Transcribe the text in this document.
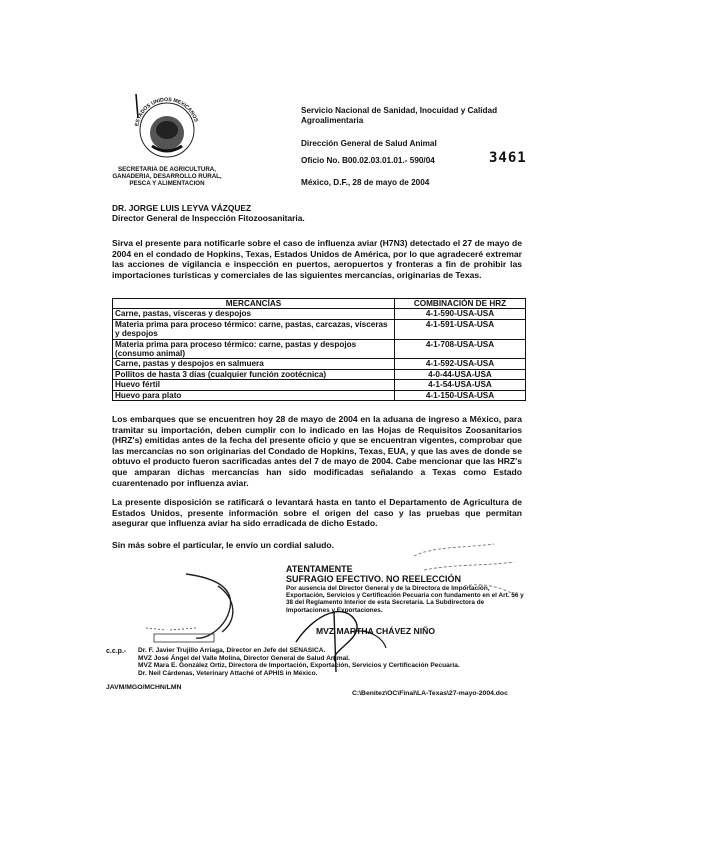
ESTADOS UNIDOS MEXICANOS
SECRETARIA DE AGRICULTURA, GANADERIA, DESARROLLO RURAL, PESCA Y ALIMENTACION
Servicio Nacional de Sanidad, Inocuidad y Calidad Agroalimentaria
Dirección General de Salud Animal
Oficio No. B00.02.03.01.01.- 590/04	3461
México, D.F., 28 de mayo de 2004
DR. JORGE LUIS LEYVA VÁZQUEZ
Director General de Inspección Fitozoosanitaria.
Sirva el presente para notificarle sobre el caso de influenza aviar (H7N3) detectado el 27 de mayo de 2004 en el condado de Hopkins, Texas, Estados Unidos de América, por lo que agradeceré extremar las acciones de vigilancia e inspección en puertos, aeropuertos y fronteras a fin de prohibir las importaciones turísticas y comerciales de las siguientes mercancías, originarias de Texas.
MERCANCÍAS	COMBINACIÓN DE HRZ
Carne, pastas, vísceras y despojos	4-1-590-USA-USA
Materia prima para proceso térmico: carne, pastas, carcazas, vísceras y despojos	4-1-591-USA-USA
Materia prima para proceso térmico: carne, pastas y despojos (consumo animal)	4-1-708-USA-USA
Carne, pastas y despojos en salmuera	4-1-592-USA-USA
Pollitos de hasta 3 días (cualquier función zootécnica)	4-0-44-USA-USA
Huevo fértil	4-1-54-USA-USA
Huevo para plato	4-1-150-USA-USA
Los embarques que se encuentren hoy 28 de mayo de 2004 en la aduana de ingreso a México, para tramitar su importación, deben cumplir con lo indicado en las Hojas de Requisitos Zoosanitarios (HRZ's) emitidas antes de la fecha del presente oficio y que se encuentran vigentes, comprobar que las mercancías no son originarias del Condado de Hopkins, Texas, EUA, y que las aves de donde se obtuvo el producto fueron sacrificadas antes del 7 de mayo de 2004. Cabe mencionar que las HRZ's que amparan dichas mercancías han sido modificadas señalando a Texas como Estado cuarentenado por influenza aviar.
La presente disposición se ratificará o levantará hasta en tanto el Departamento de Agricultura de Estados Unidos, presente información sobre el origen del caso y las pruebas que permitan asegurar que influenza aviar ha sido erradicada de dicho Estado.
Sin más sobre el particular, le envío un cordial saludo.
ATENTAMENTE
SUFRAGIO EFECTIVO. NO REELECCIÓN
Por ausencia del Director General y de la Directora de Importación, Exportación, Servicios y Certificación Pecuaria con fundamento en el Art. 56 y 38 del Reglamento Interior de esta Secretaría. La Subdirectora de Importaciones y Exportaciones.
MVZ MARTHA CHÁVEZ NIÑO
c.c.p.- Dr. F. Javier Trujillo Arriaga, Director en Jefe del SENASICA.
MVZ José Ángel del Valle Molina, Director General de Salud Animal.
MVZ Mara E. González Ortiz, Directora de Importación, Exportación, Servicios y Certificación Pecuaria.
Dr. Neil Cárdenas, Veterinary Attaché of APHIS in México.
JAVM/MGO/MCHN/LMN
C:\Benitez\OC\Final\LA-Texas\27-mayo-2004.doc
